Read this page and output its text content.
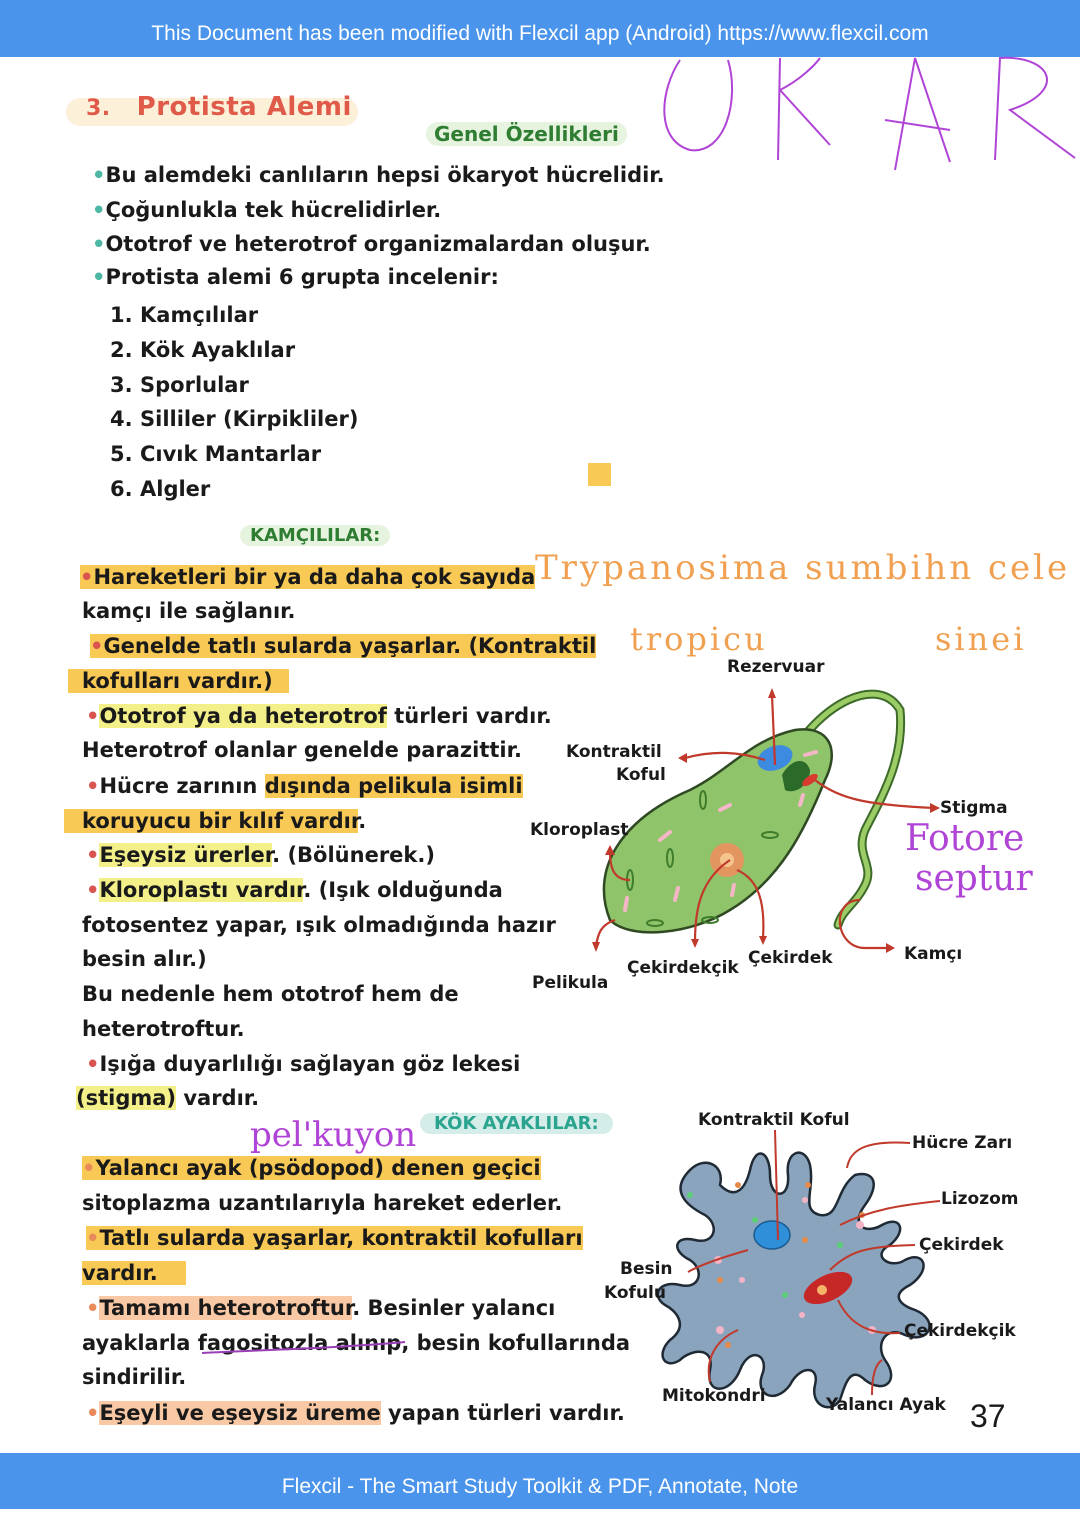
This Document has been modified with Flexcil app (Android) https://www.flexcil.com
3. Protista Alemi
Genel Özellikleri
•Bu alemdeki canlıların hepsi ökaryot hücrelidir.
•Çoğunlukla tek hücrelidirler.
•Ototrof ve heterotrof organizmalardan oluşur.
•Protista alemi 6 grupta incelenir:
1. Kamçılılar
2. Kök Ayaklılar
3. Sporlular
4. Silliler (Kirpikliler)
5. Cıvık Mantarlar
6. Algler
KAMÇILILAR:
•Hareketleri bir ya da daha çok sayıda
kamçı ile sağlanır.
•Genelde tatlı sularda yaşarlar. (Kontraktil
kofulları vardır.)
•Ototrof ya da heterotrof türleri vardır.
Heterotrof olanlar genelde parazittir.
•Hücre zarının dışında pelikula isimli
koruyucu bir kılıf vardır.
•Eşeysiz ürerler. (Bölünerek.)
•Kloroplastı vardır. (Işık olduğunda
fotosentez yapar, ışık olmadığında hazır
besin alır.)
Bu nedenle hem ototrof hem de
heterotroftur.
•Işığa duyarlılığı sağlayan göz lekesi
(stigma) vardır.
Trypanosima sumbihn cele
tropicu	sinei
Rezervuar
Kontraktil
Koful
Kloroplast
Stigma
Pelikula
Çekirdekçik Çekirdek	Kamçı
Fotore
septur
KÖK AYAKLILAR:
pel'kuyon
•Yalancı ayak (psödopod) denen geçici
sitoplazma uzantılarıyla hareket ederler.
•Tatlı sularda yaşarlar, kontraktil kofulları
vardır.
•Tamamı heterotroftur. Besinler yalancı
ayaklarla fagositozla alınıp, besin kofullarında
sindirilir.
•Eşeyli ve eşeysiz üreme yapan türleri vardır.
Kontraktil Koful
Hücre Zarı
Lizozom
Çekirdek
Besin
Kofulu
Çekirdekçik
Mitokondri	Yalancı Ayak 37
Flexcil - The Smart Study Toolkit & PDF, Annotate, Note
